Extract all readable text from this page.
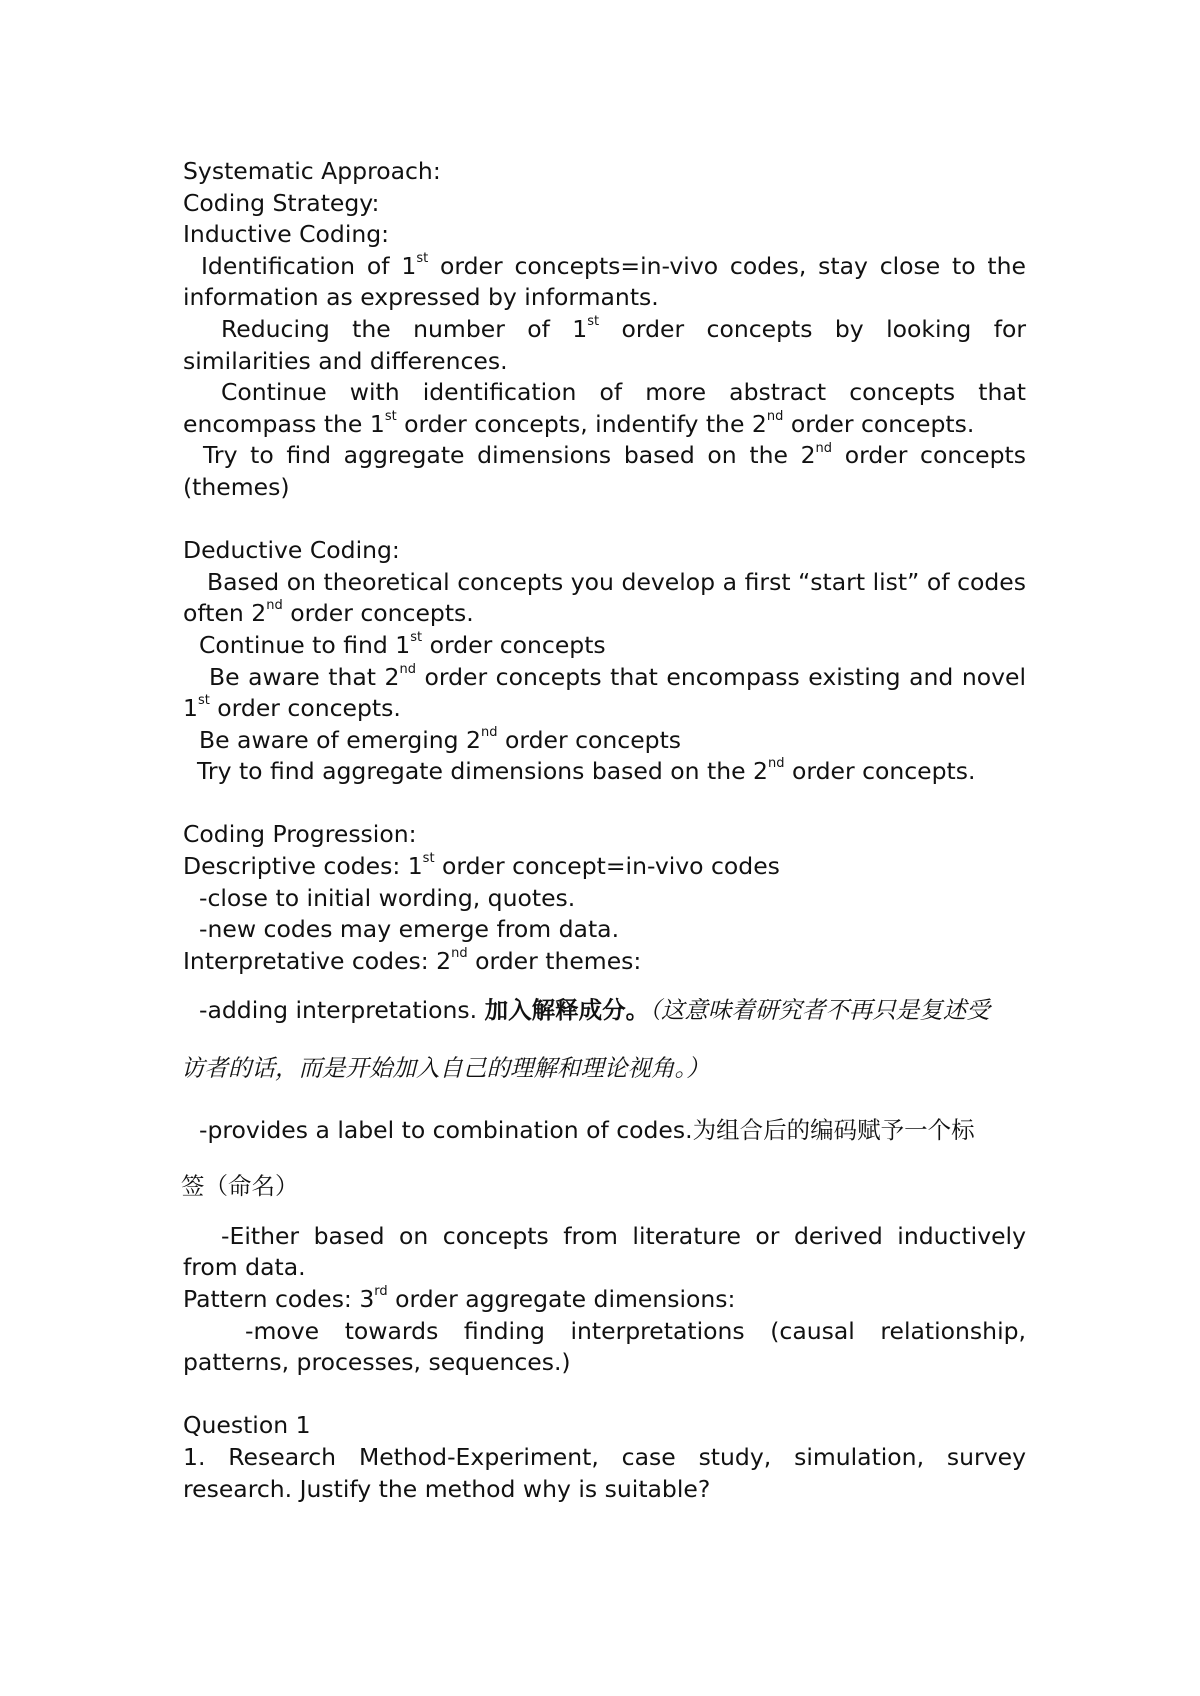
Systematic Approach:

Coding Strategy:

Inductive Coding:

Identification of 1st order concepts=in-vivo codes, stay close to the information as expressed by informants.

Reducing the number of 1st order concepts by looking for similarities and differences.

Continue with identification of more abstract concepts that encompass the 1st order concepts, indentify the 2nd order concepts.

Try to find aggregate dimensions based on the 2nd order concepts (themes)

Deductive Coding:

Based on theoretical concepts you develop a first “start list” of codes often 2nd order concepts.

Continue to find 1st order concepts

Be aware that 2nd order concepts that encompass existing and novel 1st order concepts.

Be aware of emerging 2nd order concepts

Try to find aggregate dimensions based on the 2nd order concepts.

Coding Progression:

Descriptive codes: 1st order concept=in-vivo codes

-close to initial wording, quotes.

-new codes may emerge from data.

Interpretative codes: 2nd order themes:

-adding interpretations. 加入解释成分。（这意味着研究者不再只是复述受

访者的话，而是开始加入自己的理解和理论视角。）

-provides a label to combination of codes.为组合后的编码赋予一个标

签（命名）

-Either based on concepts from literature or derived inductively from data.

Pattern codes: 3rd order aggregate dimensions:

-move towards finding interpretations (causal relationship, patterns, processes, sequences.)

Question 1

1. Research Method-Experiment, case study, simulation, survey research. Justify the method why is suitable?
